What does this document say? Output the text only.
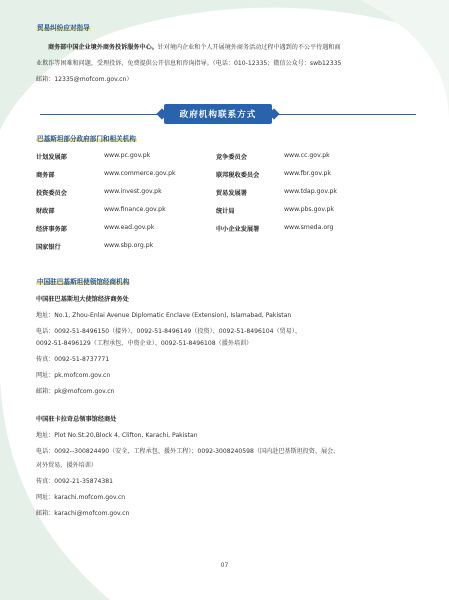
贸易纠纷应对指导
商务部中国企业境外商务投诉服务中心。针对境内企业和个人开展境外商务活动过程中遇到的不公平待遇和商
业欺诈等困难和问题，受理投诉，免费提供公开信息和咨询指导。（电话：010-12335；微信公众号：swb12335
邮箱：12335@mofcom.gov.cn）
政府机构联系方式
巴基斯坦部分政府部门和相关机构
计划发展部	www.pc.gov.pk	竞争委员会	www.cc.gov.pk
商务部	www.commerce.gov.pk	联邦税收委员会	www.fbr.gov.pk
投资委员会	www.invest.gov.pk	贸易发展署	www.tdap.gov.pk
财政部	www.finance.gov.pk	统计局	www.pbs.gov.pk
经济事务部	www.ead.gov.pk	中小企业发展署	www.smeda.org
国家银行	www.sbp.org.pk
中国驻巴基斯坦使领馆经商机构
中国驻巴基斯坦大使馆经济商务处
地址：No.1, Zhou-Enlai Avenue Diplomatic Enclave (Extension), Islamabad, Pakistan
电话：0092-51-8496150（接外）、0092-51-8496149（投资）、0092-51-8496104（贸易）、
0092-51-8496129（工程承包、中资企业）、0092-51-8496108（援外培训）
传真：0092-51-8737771
网址：pk.mofcom.gov.cn
邮箱：pk@mofcom.gov.cn
中国驻卡拉奇总领事馆经商处
地址：Plot No.St.20,Block 4, Clifton, Karachi, Pakistan
电话：0092--300824490（安全、工程承包、援外工程）；0092-3008240598（国内赴巴基斯坦投资、展会、
对外贸易、援外培训）
传真：0092-21-35874381
网址：karachi.mofcom.gov.cn
邮箱：karachi@mofcom.gov.cn
07
